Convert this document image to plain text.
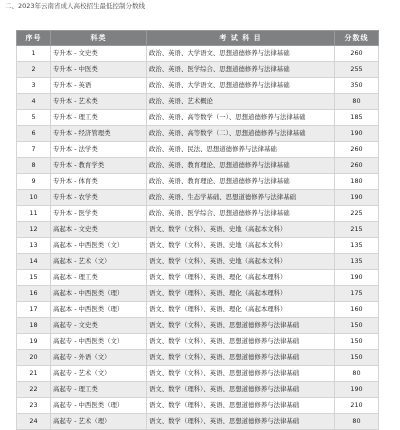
二、2023年云南省成人高校招生最低控制分数线
序号	科类	考 试 科 目	分数线
1	专升本 - 文史类	政治、英语、大学语文、思想道德修养与法律基础	260
2	专升本 - 中医类	政治、英语、医学综合、思想道德修养与法律基础	255
3	专升本 - 英语	政治、英语、大学语文、思想道德修养与法律基础	350
4	专升本 - 艺术类	政治、英语、艺术概论	80
5	专升本 - 理工类	政治、英语、高等数学（一）、思想道德修养与法律基础	185
6	专升本 - 经济管理类	政治、英语、高等数学（二）、思想道德修养与法律基础	190
7	专升本 - 法学类	政治、英语、民法、思想道德修养与法律基础	260
8	专升本 - 教育学类	政治、英语、教育理论、思想道德修养与法律基础	260
9	专升本 - 体育类	政治、英语、教育理论、思想道德修养与法律基础	180
10	专升本 - 农学类	政治、英语、生态学基础、思想道德修养与法律基础	190
11	专升本 - 医学类	政治、英语、医学综合、思想道德修养与法律基础	225
12	高起本 - 文史类	语文、数学（文科）、英语、史地（高起本文科）	215
13	高起本 - 中西医类（文）	语文、数学（文科）、英语、史地（高起本文科）	135
14	高起本 - 艺术（文）	语文、数学（文科）、英语、史地（高起本文科）	135
15	高起本 - 理工类	语文、数学（理科）、英语、理化（高起本理科）	190
16	高起本 - 中西医类（理）	语文、数学（理科）、英语、理化（高起本理科）	175
17	高起本 - 中西医类（理）	语文、数学（理科）、英语、理化（高起本理科）	160
18	高起专 - 文史类	语文、数学（文科）、英语、思想道德修养与法律基础	150
19	高起专 - 中西医类（文）	语文、数学（文科）、英语、思想道德修养与法律基础	150
20	高起专 - 外语（文）	语文、数学（文科）、英语、思想道德修养与法律基础	150
21	高起专 - 艺术（文）	语文、数学（文科）、英语、思想道德修养与法律基础	80
22	高起专 - 理工类	语文、数学（理科）、英语、思想道德修养与法律基础	190
23	高起专 - 中西医类（理）	语文、数学（理科）、英语、思想道德修养与法律基础	210
24	高起专 - 艺术（理）	语文、数学（理科）、英语、思想道德修养与法律基础	80
